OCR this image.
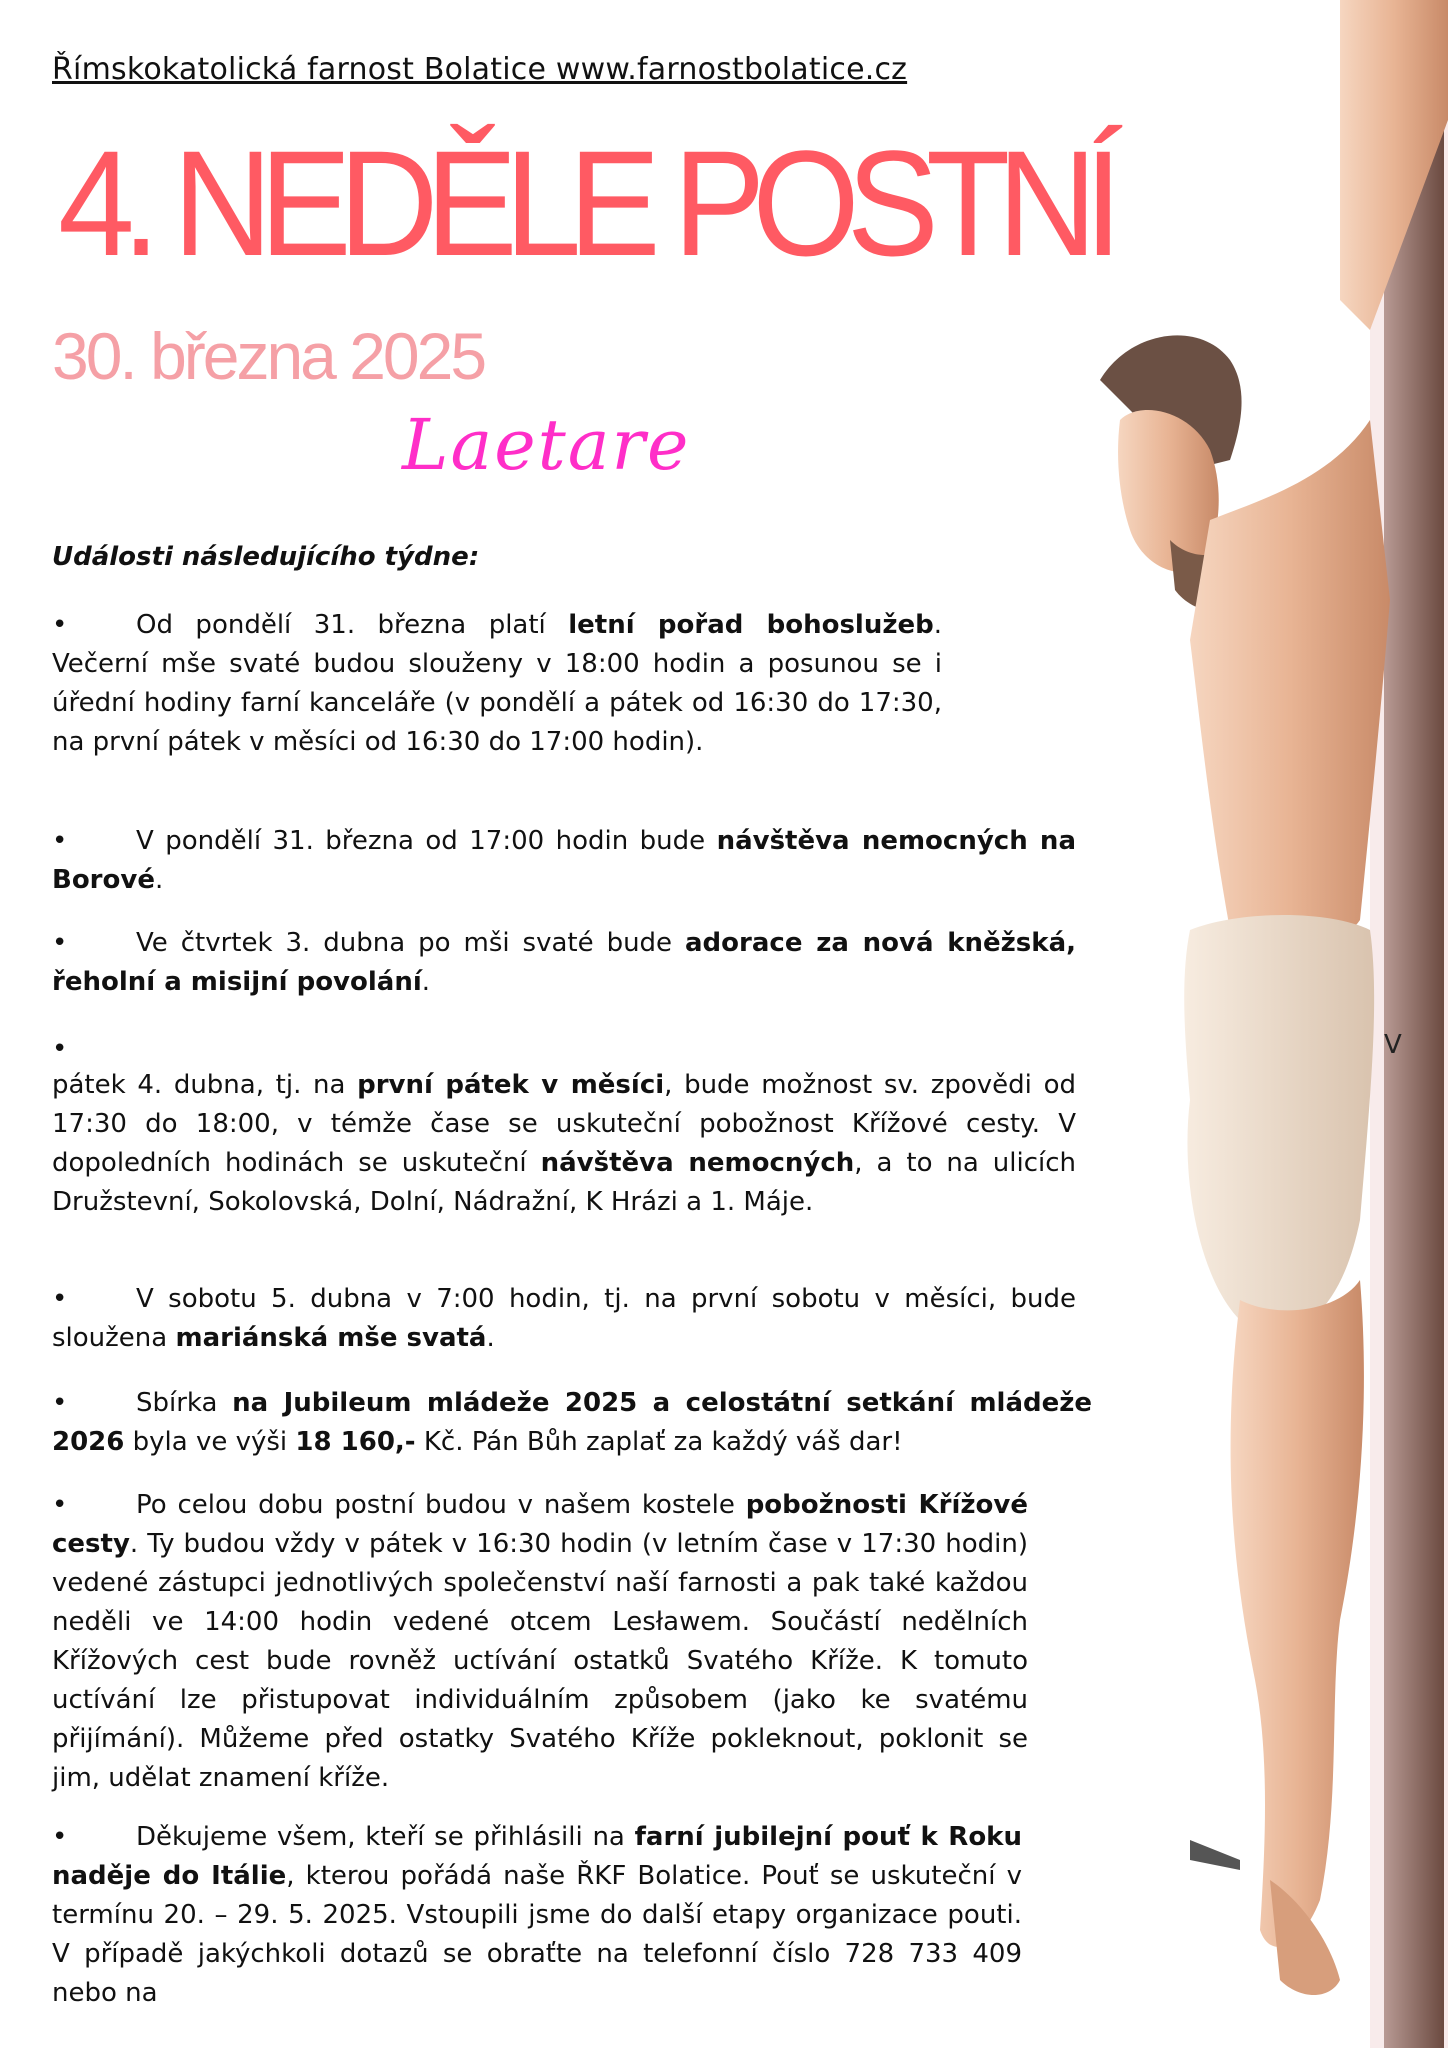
Římskokatolická farnost Bolatice www.farnostbolatice.cz
4. NEDĚLE POSTNÍ
30. března 2025
Laetare
Události následujícího týdne:
•	Od pondělí 31. března platí letní pořad bohoslužeb. Večerní mše svaté budou slouženy v 18:00 hodin a posunou se i úřední hodiny farní kanceláře (v pondělí a pátek od 16:30 do 17:30, na první pátek v měsíci od 16:30 do 17:00 hodin).
•	V pondělí 31. března od 17:00 hodin bude návštěva nemocných na Borové.
•	Ve čtvrtek 3. dubna po mši svaté bude adorace za nová kněžská, řeholní a misijní povolání.
•	V
pátek 4. dubna, tj. na první pátek v měsíci, bude možnost sv. zpovědi od 17:30 do 18:00, v témže čase se uskuteční pobožnost Křížové cesty. V dopoledních hodinách se uskuteční návštěva nemocných, a to na ulicích Družstevní, Sokolovská, Dolní, Nádražní, K Hrázi a 1. Máje.
•	V sobotu 5. dubna v 7:00 hodin, tj. na první sobotu v měsíci, bude sloužena mariánská mše svatá.
•	Sbírka na Jubileum mládeže 2025 a celostátní setkání mládeže 2026 byla ve výši 18 160,- Kč. Pán Bůh zaplať za každý váš dar!
•	Po celou dobu postní budou v našem kostele pobožnosti Křížové cesty. Ty budou vždy v pátek v 16:30 hodin (v letním čase v 17:30 hodin) vedené zástupci jednotlivých společenství naší farnosti a pak také každou neděli ve 14:00 hodin vedené otcem Lesławem. Součástí nedělních Křížových cest bude rovněž uctívání ostatků Svatého Kříže. K tomuto uctívání lze přistupovat individuálním způsobem (jako ke svatému přijímání). Můžeme před ostatky Svatého Kříže pokleknout, poklonit se jim, udělat znamení kříže.
•	Děkujeme všem, kteří se přihlásili na farní jubilejní pouť k Roku naděje do Itálie, kterou pořádá naše ŘKF Bolatice. Pouť se uskuteční v termínu 20. – 29. 5. 2025. Vstoupili jsme do další etapy organizace pouti. V případě jakýchkoli dotazů se obraťte na telefonní číslo 728 733 409 nebo na
